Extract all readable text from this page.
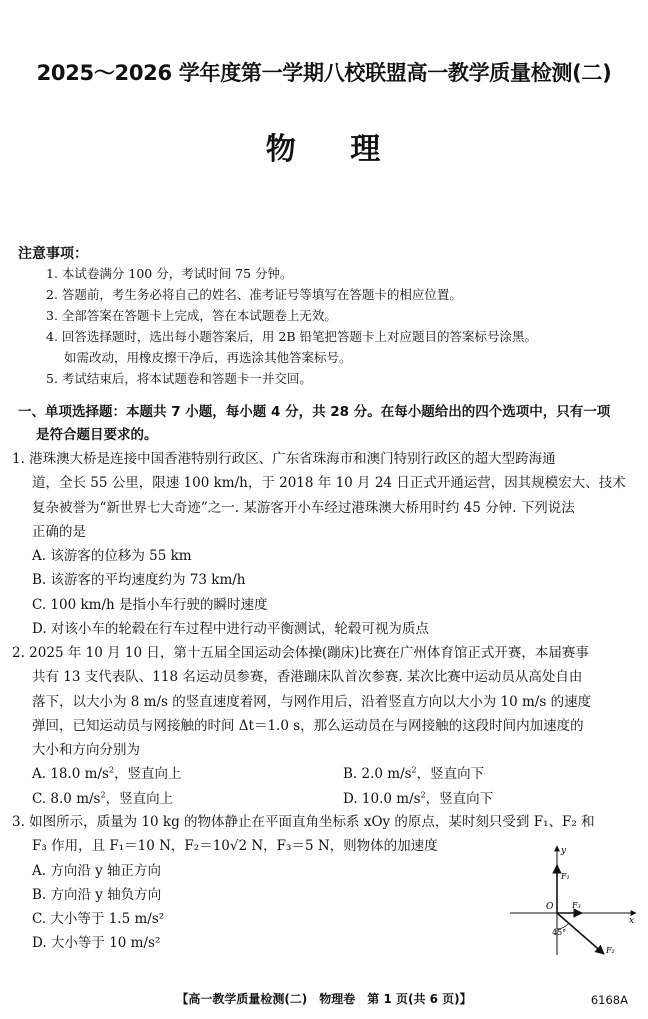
2025～2026 学年度第一学期八校联盟高一教学质量检测(二)
物 理
注意事项：
1. 本试卷满分 100 分，考试时间 75 分钟。
2. 答题前，考生务必将自己的姓名、准考证号等填写在答题卡的相应位置。
3. 全部答案在答题卡上完成，答在本试题卷上无效。
4. 回答选择题时，选出每小题答案后，用 2B 铅笔把答题卡上对应题目的答案标号涂黑。
如需改动，用橡皮擦干净后，再选涂其他答案标号。
5. 考试结束后，将本试题卷和答题卡一并交回。
一、单项选择题：本题共 7 小题，每小题 4 分，共 28 分。在每小题给出的四个选项中，只有一项
是符合题目要求的。

1. 港珠澳大桥是连接中国香港特别行政区、广东省珠海市和澳门特别行政区的超大型跨海通

道，全长 55 公里，限速 100 km/h，于 2018 年 10 月 24 日正式开通运营，因其规模宏大、技术

复杂被誉为“新世界七大奇迹”之一. 某游客开小车经过港珠澳大桥用时约 45 分钟. 下列说法

正确的是

A. 该游客的位移为 55 km
B. 该游客的平均速度约为 73 km/h
C. 100 km/h 是指小车行驶的瞬时速度
D. 对该小车的轮毂在行车过程中进行动平衡测试，轮毂可视为质点

2. 2025 年 10 月 10 日，第十五届全国运动会体操(蹦床)比赛在广州体育馆正式开赛，本届赛事

共有 13 支代表队、118 名运动员参赛，香港蹦床队首次参赛. 某次比赛中运动员从高处自由

落下，以大小为 8 m/s 的竖直速度着网，与网作用后，沿着竖直方向以大小为 10 m/s 的速度

弹回，已知运动员与网接触的时间 Δt＝1.0 s，那么运动员在与网接触的这段时间内加速度的

大小和方向分别为

A. 18.0 $m/s^2$，竖直向上	B. 2.0 $m/s^2$，竖直向下
C. 8.0 $m/s^2$，竖直向上	D. 10.0 $m/s^2$，竖直向下

3. 如图所示，质量为 10 kg 的物体静止在平面直角坐标系 xOy 的原点，某时刻只受到 F₁、F₂ 和

F₃ 作用，且 F₁＝10 N，F₂＝10√2 N，F₃＝5 N，则物体的加速度

A. 方向沿 y 轴正方向
B. 方向沿 y 轴负方向
C. 大小等于 1.5 m/s²
D. 大小等于 10 m/s²
y
x
O
F₁
F₃
F₂
45°
【高一教学质量检测(二)　物理卷　第 1 页(共 6 页)】	6168A
